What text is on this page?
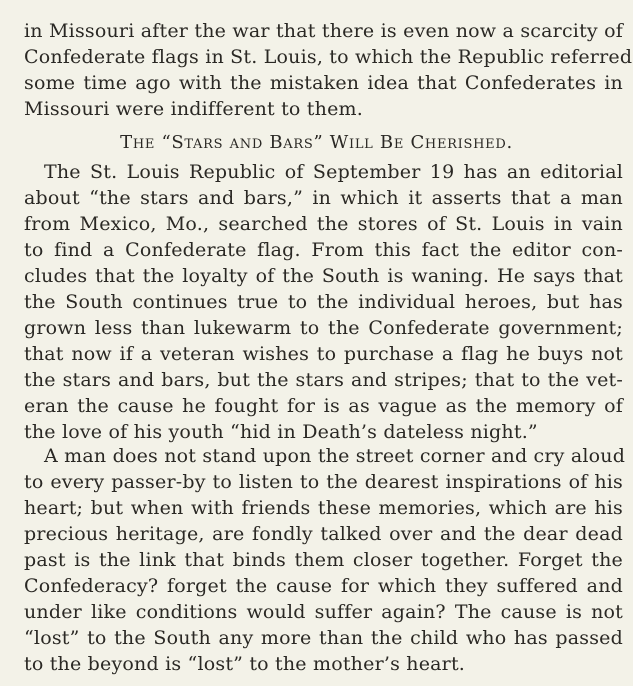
in Missouri after the war that there is even now a scarcity of
Confederate flags in St. Louis, to which the Republic referred
some time ago with the mistaken idea that Confederates in
Missouri were indifferent to them.
The “Stars and Bars” Will Be Cherished.
The St. Louis Republic of September 19 has an editorial
about “the stars and bars,” in which it asserts that a man
from Mexico, Mo., searched the stores of St. Louis in vain
to find a Confederate flag. From this fact the editor con-
cludes that the loyalty of the South is waning. He says that
the South continues true to the individual heroes, but has
grown less than lukewarm to the Confederate government;
that now if a veteran wishes to purchase a flag he buys not
the stars and bars, but the stars and stripes; that to the vet-
eran the cause he fought for is as vague as the memory of
the love of his youth “hid in Death’s dateless night.”
A man does not stand upon the street corner and cry aloud
to every passer-by to listen to the dearest inspirations of his
heart; but when with friends these memories, which are his
precious heritage, are fondly talked over and the dear dead
past is the link that binds them closer together. Forget the
Confederacy? forget the cause for which they suffered and
under like conditions would suffer again? The cause is not
“lost” to the South any more than the child who has passed
to the beyond is “lost” to the mother’s heart.
